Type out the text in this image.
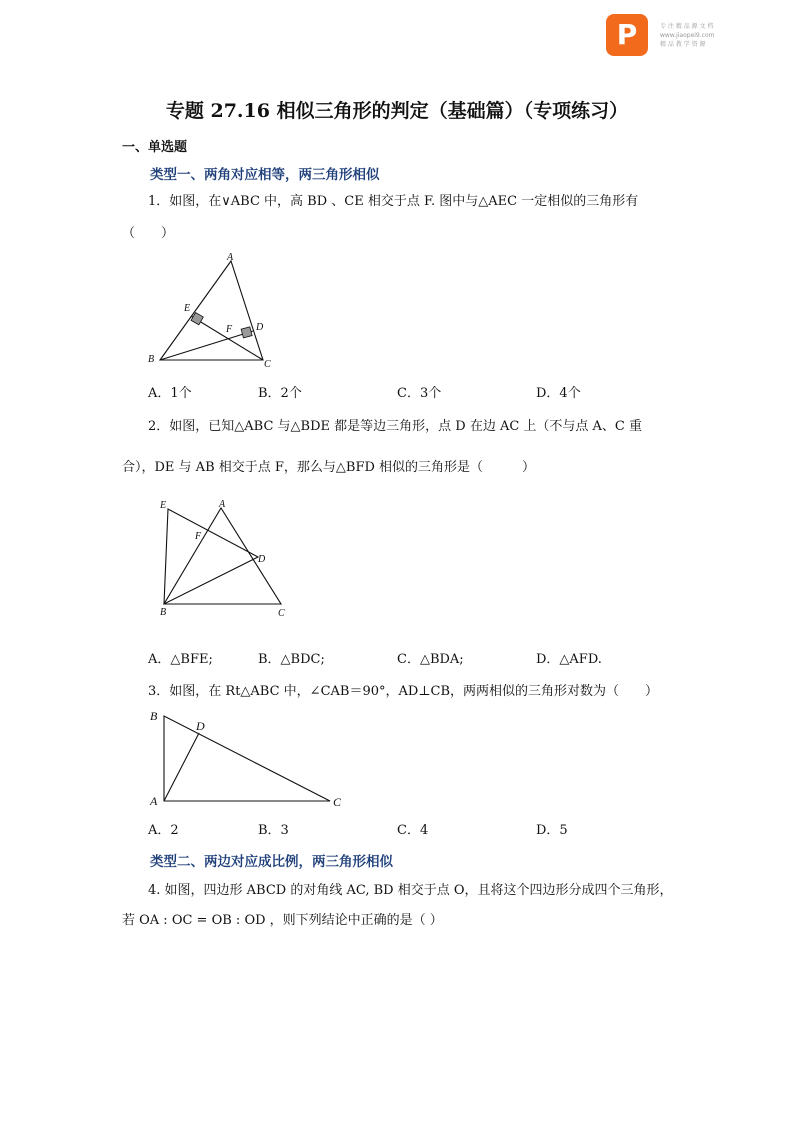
P	专 注 精 品 源 文 档
www.jiaopei9.com
精 品 教 学 资 源
专题 27.16 相似三角形的判定（基础篇）（专项练习）
一、单选题
类型一、两角对应相等，两三角形相似
1．如图，在∨ABC 中，高 BD 、CE 相交于点 F. 图中与△AEC 一定相似的三角形有
（　　）
A
E
F D
B	C
A．1个	B．2个	C．3个	D．4个
2．如图，已知△ABC 与△BDE 都是等边三角形，点 D 在边 AC 上（不与点 A、C 重
合），DE 与 AB 相交于点 F，那么与△BFD 相似的三角形是（　　　）
E	A
F
D
B	C
A．△BFE;	B．△BDC;	C．△BDA;	D．△AFD.
3．如图，在 Rt△ABC 中，∠CAB＝90°，AD⊥CB，两两相似的三角形对数为（　　）
B
D
A	C
A．2	B．3	C．4	D．5
类型二、两边对应成比例，两三角形相似
4. 如图，四边形 ABCD 的对角线 AC, BD 相交于点 O，且将这个四边形分成四个三角形，
若 OA : OC = OB : OD ，则下列结论中正确的是（ ）
